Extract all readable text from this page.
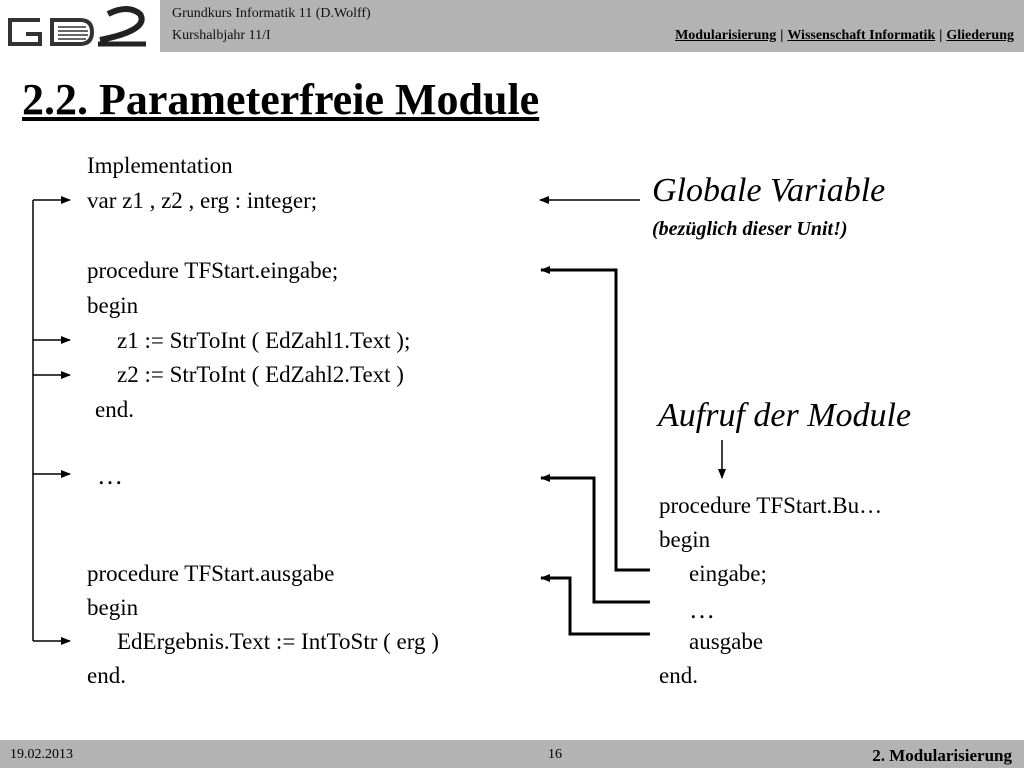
Grundkurs Informatik 11 (D.Wolff)
Kurshalbjahr 11/I	Modularisierung | Wissenschaft Informatik | Gliederung
2.2. Parameterfreie Module
Implementation
var z1 , z2 , erg : integer;
procedure TFStart.eingabe;
begin
z1 := StrToInt ( EdZahl1.Text );
z2 := StrToInt ( EdZahl2.Text )
end.
…
procedure TFStart.ausgabe
begin
EdErgebnis.Text := IntToStr ( erg )
end.
Globale Variable
(bezüglich dieser Unit!)
Aufruf der Module
procedure TFStart.Bu…
begin
eingabe;
…
ausgabe
end.
19.02.2013	16	2. Modularisierung
